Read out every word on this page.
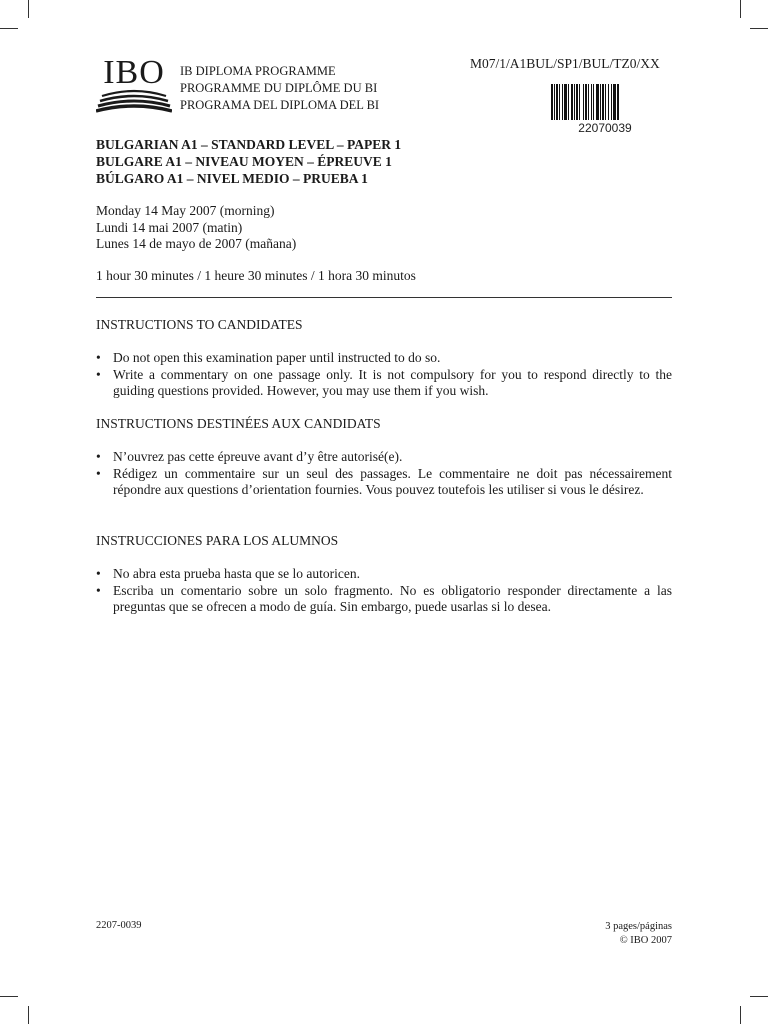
IBO	IB DIPLOMA PROGRAMME
PROGRAMME DU DIPLÔME DU BI
PROGRAMA DEL DIPLOMA DEL BI
M07/1/A1BUL/SP1/BUL/TZ0/XX
22070039
BULGARIAN A1 – STANDARD LEVEL – PAPER 1
BULGARE A1 – NIVEAU MOYEN – ÉPREUVE 1
BÚLGARO A1 – NIVEL MEDIO – PRUEBA 1
Monday 14 May 2007 (morning)
Lundi 14 mai 2007 (matin)
Lunes 14 de mayo de 2007 (mañana)
1 hour 30 minutes / 1 heure 30 minutes / 1 hora 30 minutos
INSTRUCTIONS TO CANDIDATES
• Do not open this examination paper until instructed to do so.
• Write a commentary on one passage only. It is not compulsory for you to respond directly to the guiding questions provided. However, you may use them if you wish.
INSTRUCTIONS DESTINÉES AUX CANDIDATS
• N’ouvrez pas cette épreuve avant d’y être autorisé(e).
• Rédigez un commentaire sur un seul des passages. Le commentaire ne doit pas nécessairement répondre aux questions d’orientation fournies. Vous pouvez toutefois les utiliser si vous le désirez.
INSTRUCCIONES PARA LOS ALUMNOS
• No abra esta prueba hasta que se lo autoricen.
• Escriba un comentario sobre un solo fragmento. No es obligatorio responder directamente a las preguntas que se ofrecen a modo de guía. Sin embargo, puede usarlas si lo desea.
2207-0039	3 pages/páginas
© IBO 2007
